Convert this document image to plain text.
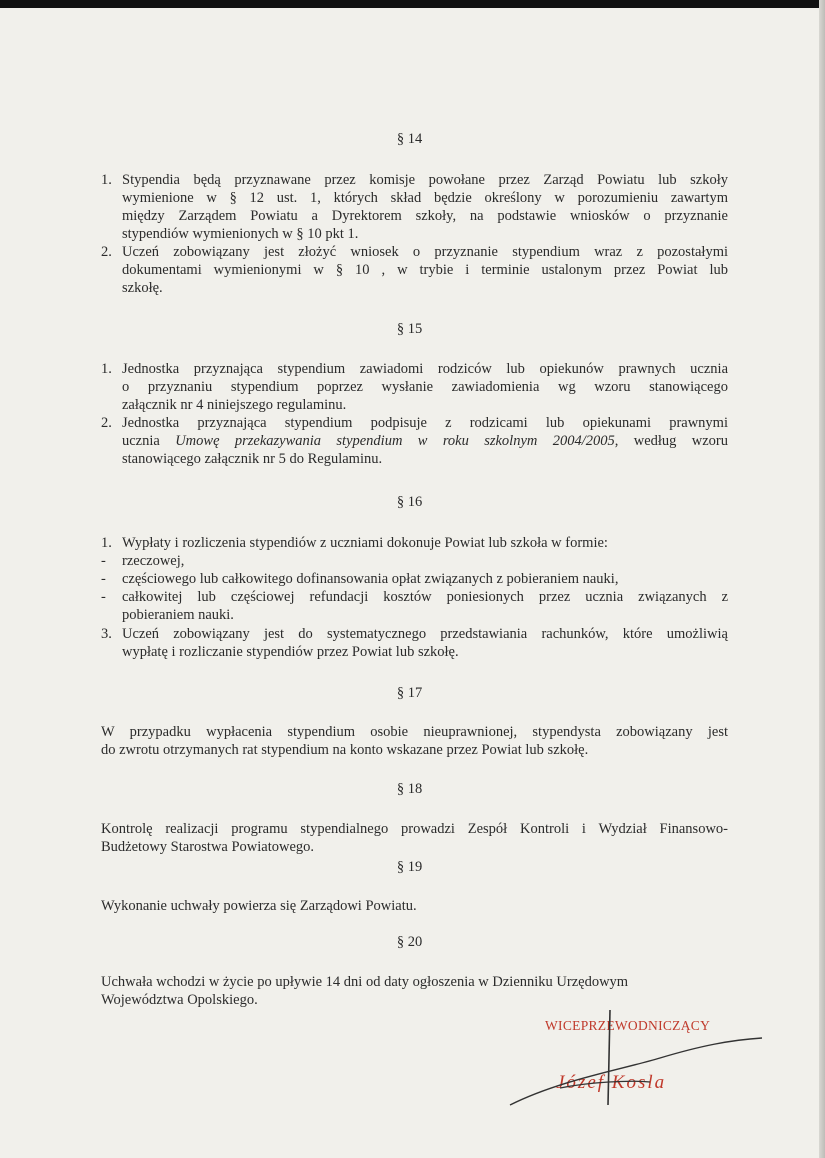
§ 14
1. Stypendia będą przyznawane przez komisje powołane przez Zarząd Powiatu lub szkoły
wymienione w § 12 ust. 1, których skład będzie określony w porozumieniu zawartym
między Zarządem Powiatu a Dyrektorem szkoły, na podstawie wniosków o przyznanie
stypendiów wymienionych w § 10 pkt 1.
2. Uczeń zobowiązany jest złożyć wniosek o przyznanie stypendium wraz z pozostałymi
dokumentami wymienionymi w § 10 , w trybie i terminie ustalonym przez Powiat lub
szkołę.
§ 15
1. Jednostka przyznająca stypendium zawiadomi rodziców lub opiekunów prawnych ucznia
o przyznaniu stypendium poprzez wysłanie zawiadomienia wg wzoru stanowiącego
załącznik nr 4 niniejszego regulaminu.
2. Jednostka przyznająca stypendium podpisuje z rodzicami lub opiekunami prawnymi
ucznia Umowę przekazywania stypendium w roku szkolnym 2004/2005, według wzoru
stanowiącego załącznik nr 5 do Regulaminu.
§ 16
1. Wypłaty i rozliczenia stypendiów z uczniami dokonuje Powiat lub szkoła w formie:
- rzeczowej,
- częściowego lub całkowitego dofinansowania opłat związanych z pobieraniem nauki,
- całkowitej lub częściowej refundacji kosztów poniesionych przez ucznia związanych z
pobieraniem nauki.
3. Uczeń zobowiązany jest do systematycznego przedstawiania rachunków, które umożliwią
wypłatę i rozliczanie stypendiów przez Powiat lub szkołę.
§ 17
W przypadku wypłacenia stypendium osobie nieuprawnionej, stypendysta zobowiązany jest
do zwrotu otrzymanych rat stypendium na konto wskazane przez Powiat lub szkołę.
§ 18
Kontrolę realizacji programu stypendialnego prowadzi Zespół Kontroli i Wydział Finansowo-
Budżetowy Starostwa Powiatowego.
§ 19
Wykonanie uchwały powierza się Zarządowi Powiatu.
§ 20
Uchwała wchodzi w życie po upływie 14 dni od daty ogłoszenia w Dzienniku Urzędowym
Województwa Opolskiego.
WICEPRZEWODNICZĄCY
Józef Kosla
